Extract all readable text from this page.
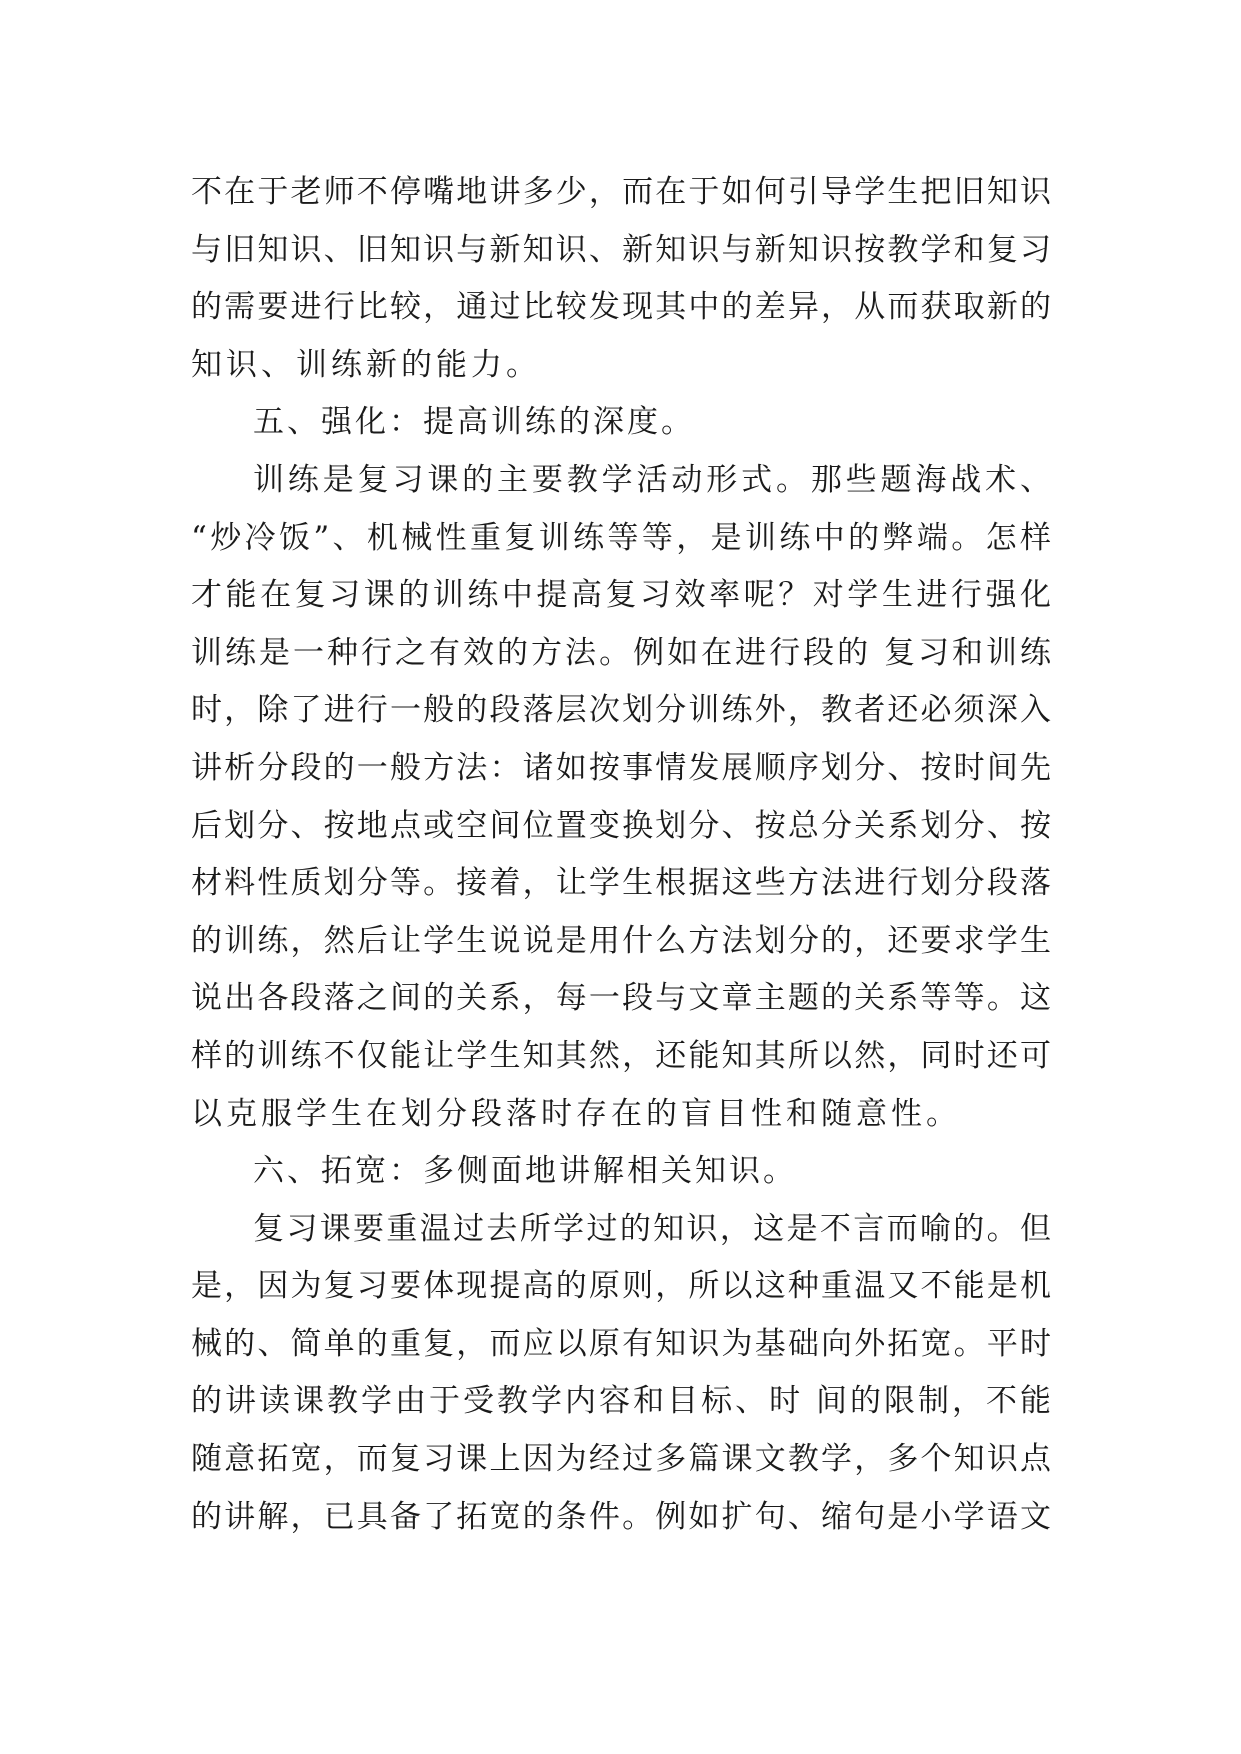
不在于老师不停嘴地讲多少，而在于如何引导学生把旧知识
与旧知识、旧知识与新知识、新知识与新知识按教学和复习
的需要进行比较，通过比较发现其中的差异，从而获取新的
知识、训练新的能力。
五、强化：提高训练的深度。
训练是复习课的主要教学活动形式。那些题海战术、
“炒冷饭”、机械性重复训练等等，是训练中的弊端。怎样
才能在复习课的训练中提高复习效率呢？对学生进行强化
训练是一种行之有效的方法。例如在进行段的 复习和训练
时，除了进行一般的段落层次划分训练外，教者还必须深入
讲析分段的一般方法：诸如按事情发展顺序划分、按时间先
后划分、按地点或空间位置变换划分、按总分关系划分、按
材料性质划分等。接着，让学生根据这些方法进行划分段落
的训练，然后让学生说说是用什么方法划分的，还要求学生
说出各段落之间的关系，每一段与文章主题的关系等等。这
样的训练不仅能让学生知其然，还能知其所以然，同时还可
以克服学生在划分段落时存在的盲目性和随意性。
六、拓宽：多侧面地讲解相关知识。
复习课要重温过去所学过的知识，这是不言而喻的。但
是，因为复习要体现提高的原则，所以这种重温又不能是机
械的、简单的重复，而应以原有知识为基础向外拓宽。平时
的讲读课教学由于受教学内容和目标、时 间的限制，不能
随意拓宽，而复习课上因为经过多篇课文教学，多个知识点
的讲解，已具备了拓宽的条件。例如扩句、缩句是小学语文
